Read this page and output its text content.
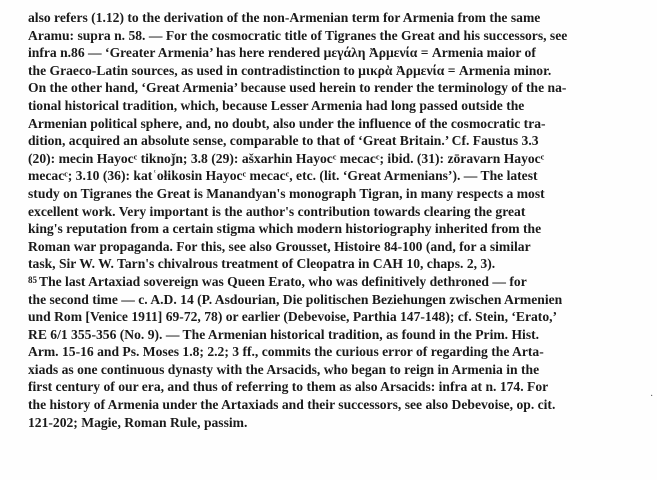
also refers (1.12) to the derivation of the non-Armenian term for Armenia from the same
Aramu: supra n. 58. — For the cosmocratic title of Tigranes the Great and his successors, see
infra n.86 — ‘Greater Armenia’ has here rendered μεγάλη Ἀρμενία = Armenia maior of
the Graeco-Latin sources, as used in contradistinction to μικρὰ Ἀρμενία = Armenia minor.
On the other hand, ‘Great Armenia’ because used herein to render the terminology of the na-
tional historical tradition, which, because Lesser Armenia had long passed outside the
Armenian political sphere, and, no doubt, also under the influence of the cosmocratic tra-
dition, acquired an absolute sense, comparable to that of ‘Great Britain.’ Cf. Faustus 3.3
(20): mecin Hayocᶜ tiknoǰn; 3.8 (29): ašxarhin Hayocᶜ mecacᶜ; ibid. (31): zōravarn Hayocᶜ
mecacᶜ; 3.10 (36): katʿołikosin Hayocᶜ mecacᶜ, etc. (lit. ‘Great Armenians’). — The latest
study on Tigranes the Great is Manandyan's monograph Tigran, in many respects a most
excellent work. Very important is the author's contribution towards clearing the great
king's reputation from a certain stigma which modern historiography inherited from the
Roman war propaganda. For this, see also Grousset, Histoire 84-100 (and, for a similar
task, Sir W. W. Tarn's chivalrous treatment of Cleopatra in CAH 10, chaps. 2, 3).
$^{85}$ The last Artaxiad sovereign was Queen Erato, who was definitively dethroned — for
the second time — c. A.D. 14 (P. Asdourian, Die politischen Beziehungen zwischen Armenien
und Rom [Venice 1911] 69-72, 78) or earlier (Debevoise, Parthia 147-148); cf. Stein, ‘Erato,’
RE 6/1 355-356 (No. 9). — The Armenian historical tradition, as found in the Prim. Hist.
Arm. 15-16 and Ps. Moses 1.8; 2.2; 3 ff., commits the curious error of regarding the Arta-
xiads as one continuous dynasty with the Arsacids, who began to reign in Armenia in the
first century of our era, and thus of referring to them as also Arsacids: infra at n. 174. For
the history of Armenia under the Artaxiads and their successors, see also Debevoise, op. cit.
121-202; Magie, Roman Rule, passim.
·
